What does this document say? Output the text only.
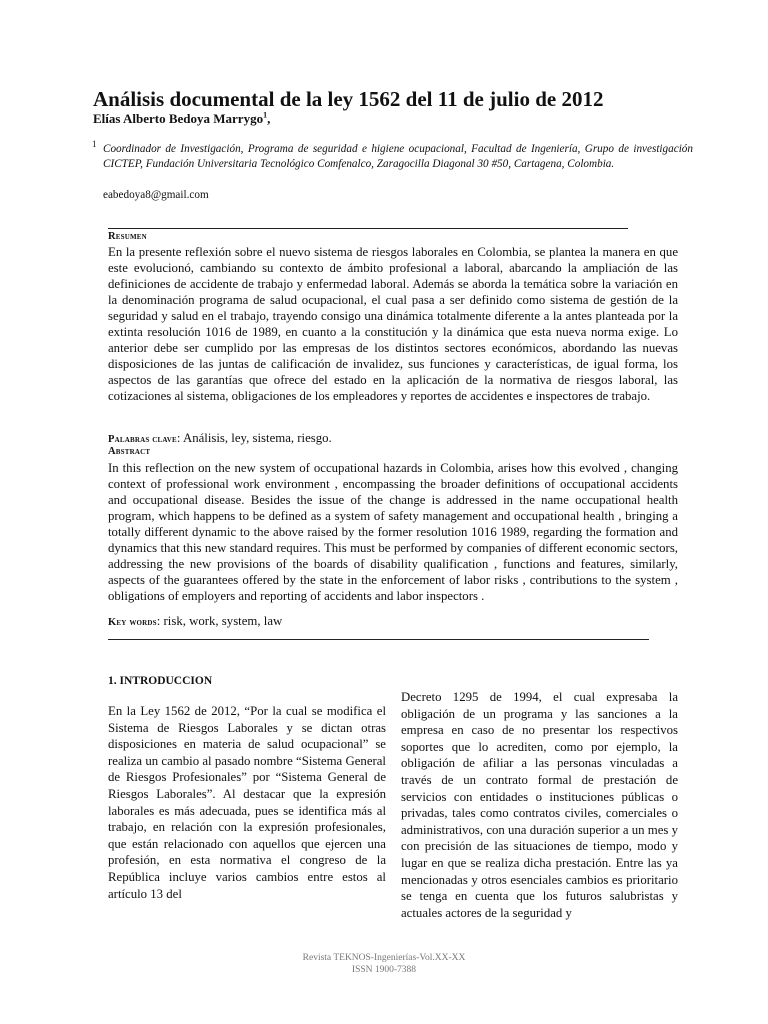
Análisis documental de la ley 1562 del 11 de julio de 2012
Elías Alberto Bedoya Marrygo$^1$,
1 Coordinador de Investigación, Programa de seguridad e higiene ocupacional, Facultad de Ingeniería, Grupo de investigación CICTEP, Fundación Universitaria Tecnológico Comfenalco, Zaragocilla Diagonal 30 #50, Cartagena, Colombia.
eabedoya8@gmail.com
Resumen
En la presente reflexión sobre el nuevo sistema de riesgos laborales en Colombia, se plantea la manera en que este evolucionó, cambiando su contexto de ámbito profesional a laboral, abarcando la ampliación de las definiciones de accidente de trabajo y enfermedad laboral. Además se aborda la temática sobre la variación en la denominación programa de salud ocupacional, el cual pasa a ser definido como sistema de gestión de la seguridad y salud en el trabajo, trayendo consigo una dinámica totalmente diferente a la antes planteada por la extinta resolución 1016 de 1989, en cuanto a la constitución y la dinámica que esta nueva norma exige. Lo anterior debe ser cumplido por las empresas de los distintos sectores económicos, abordando las nuevas disposiciones de las juntas de calificación de invalidez, sus funciones y características, de igual forma, los aspectos de las garantías que ofrece del estado en la aplicación de la normativa de riesgos laboral, las cotizaciones al sistema, obligaciones de los empleadores y reportes de accidentes e inspectores de trabajo.
Palabras clave: Análisis, ley, sistema, riesgo.
Abstract
In this reflection on the new system of occupational hazards in Colombia, arises how this evolved , changing context of professional work environment , encompassing the broader definitions of occupational accidents and occupational disease. Besides the issue of the change is addressed in the name occupational health program, which happens to be defined as a system of safety management and occupational health , bringing a totally different dynamic to the above raised by the former resolution 1016 1989, regarding the formation and dynamics that this new standard requires. This must be performed by companies of different economic sectors, addressing the new provisions of the boards of disability qualification , functions and features, similarly, aspects of the guarantees offered by the state in the enforcement of labor risks , contributions to the system , obligations of employers and reporting of accidents and labor inspectors .
Key words: risk, work, system, law
1. INTRODUCCION
En la Ley 1562 de 2012, “Por la cual se modifica el Sistema de Riesgos Laborales y se dictan otras disposiciones en materia de salud ocupacional” se realiza un cambio al pasado nombre “Sistema General de Riesgos Profesionales” por “Sistema General de Riesgos Laborales”. Al destacar que la expresión laborales es más adecuada, pues se identifica más al trabajo, en relación con la expresión profesionales, que están relacionado con aquellos que ejercen una profesión, en esta normativa el congreso de la República incluye varios cambios entre estos al artículo 13 del
Decreto 1295 de 1994, el cual expresaba la obligación de un programa y las sanciones a la empresa en caso de no presentar los respectivos soportes que lo acrediten, como por ejemplo, la obligación de afiliar a las personas vinculadas a través de un contrato formal de prestación de servicios con entidades o instituciones públicas o privadas, tales como contratos civiles, comerciales o administrativos, con una duración superior a un mes y con precisión de las situaciones de tiempo, modo y lugar en que se realiza dicha prestación. Entre las ya mencionadas y otros esenciales cambios es prioritario se tenga en cuenta que los futuros salubristas y actuales actores de la seguridad y
Revista TEKNOS-Ingenierías-Vol.XX-XX
ISSN 1900-7388
